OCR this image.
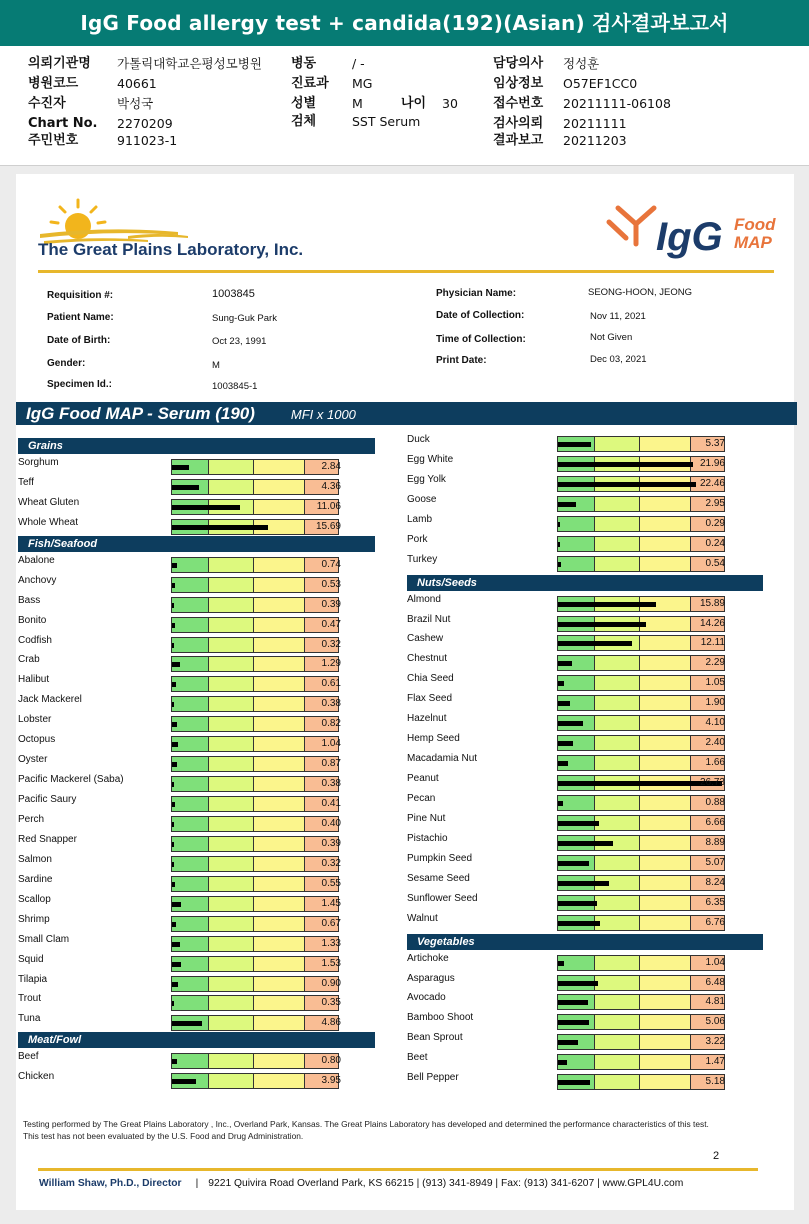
IgG Food allergy test + candida(192)(Asian) 검사결과보고서
의뢰기관명 가톨릭대학교은평성모병원
병원코드	40661
수진자	박성국
Chart No. 2270209
주민번호	911023-1
병동	/ -
진료과 MG
성별	M
검체	SST Serum
나이 30
담당의사 정성훈
임상정보 O57EF1CC0
접수번호 20211111-06108
검사의뢰 20211111
결과보고 20211203
The Great Plains Laboratory, Inc.	IgG Food
MAP
Requisition #:	1003845
Patient Name:	Sung-Guk Park
Date of Birth:	Oct 23, 1991
Gender:	M
Specimen Id.:	1003845-1
Physician Name:	SEONG-HOON, JEONG
Date of Collection:	Nov 11, 2021
Time of Collection:	Not Given
Print Date:	Dec 03, 2021
IgG Food MAP - Serum (190)	MFI x 1000
Grains
Sorghum	2.84
Teff	4.36
Wheat Gluten	11.06
Whole Wheat	15.69
Fish/Seafood
Abalone	0.74
Anchovy	0.53
Bass	0.39
Bonito	0.47
Codfish	0.32
Crab	1.29
Halibut	0.61
Jack Mackerel	0.38
Lobster	0.82
Octopus	1.04
Oyster	0.87
Pacific Mackerel (Saba)	0.38
Pacific Saury	0.41
Perch	0.40
Red Snapper	0.39
Salmon	0.32
Sardine	0.55
Scallop	1.45
Shrimp	0.67
Small Clam	1.33
Squid	1.53
Tilapia	0.90
Trout	0.35
Tuna	4.86
Meat/Fowl
Beef	0.80
Chicken	3.95
Duck	5.37
Egg White	21.96
Egg Yolk	22.46
Goose	2.95
Lamb	0.29
Pork	0.24
Turkey	0.54
Nuts/Seeds
Almond	15.89
Brazil Nut	14.26
Cashew	12.11
Chestnut	2.29
Chia Seed	1.05
Flax Seed	1.90
Hazelnut	4.10
Hemp Seed	2.40
Macadamia Nut	1.66
Peanut	26.73
Pecan	0.88
Pine Nut	6.66
Pistachio	8.89
Pumpkin Seed	5.07
Sesame Seed	8.24
Sunflower Seed	6.35
Walnut	6.76
Vegetables
Artichoke	1.04
Asparagus	6.48
Avocado	4.81
Bamboo Shoot	5.06
Bean Sprout	3.22
Beet	1.47
Bell Pepper	5.18
Testing performed by The Great Plains Laboratory , Inc., Overland Park, Kansas. The Great Plains Laboratory has developed and determined the performance characteristics of this test. This test has not been evaluated by the U.S. Food and Drug Administration.
2
William Shaw, Ph.D., Director | 9221 Quivira Road Overland Park, KS 66215 | (913) 341-8949 | Fax: (913) 341-6207 | www.GPL4U.com
